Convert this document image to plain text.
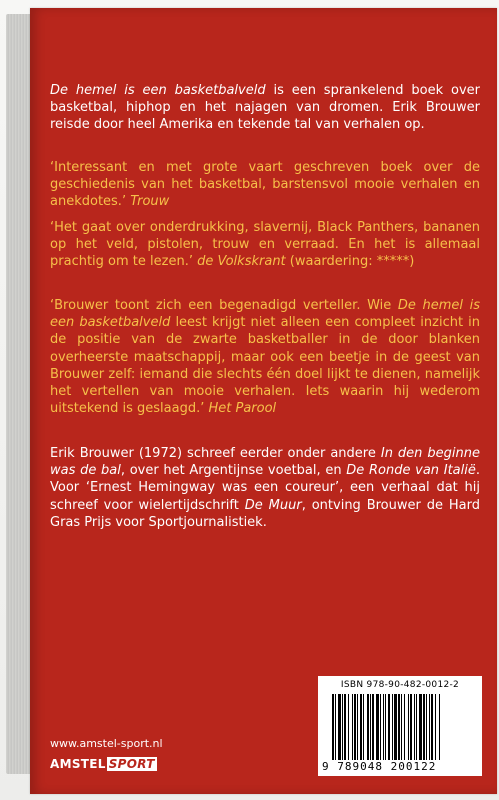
De hemel is een basketbalveld is een sprankelend boek over basketbal, hiphop en het najagen van dromen. Erik Brouwer reisde door heel Amerika en tekende tal van verhalen op.
‘Interessant en met grote vaart geschreven boek over de geschiedenis van het basketbal, barstensvol mooie verhalen en anekdotes.’ Trouw
‘Het gaat over onderdrukking, slavernij, Black Panthers, bananen op het veld, pistolen, trouw en verraad. En het is allemaal prachtig om te lezen.’ de Volkskrant (waardering: *****)
‘Brouwer toont zich een begenadigd verteller. Wie De hemel is een basketbalveld leest krijgt niet alleen een compleet inzicht in de positie van de zwarte basketballer in de door blanken overheerste maatschappij, maar ook een beetje in de geest van Brouwer zelf: iemand die slechts één doel lijkt te dienen, namelijk het vertellen van mooie verhalen. Iets waarin hij wederom uitstekend is geslaagd.’ Het Parool
Erik Brouwer (1972) schreef eerder onder andere In den beginne was de bal, over het Argentijnse voetbal, en De Ronde van Italië. Voor ‘Ernest Hemingway was een coureur’, een verhaal dat hij schreef voor wielertijdschrift De Muur, ontving Brouwer de Hard Gras Prijs voor Sportjournalistiek.
www.amstel-sport.nl
AMSTEL SPORT
ISBN 978-90-482-0012-2
9 789048 200122
